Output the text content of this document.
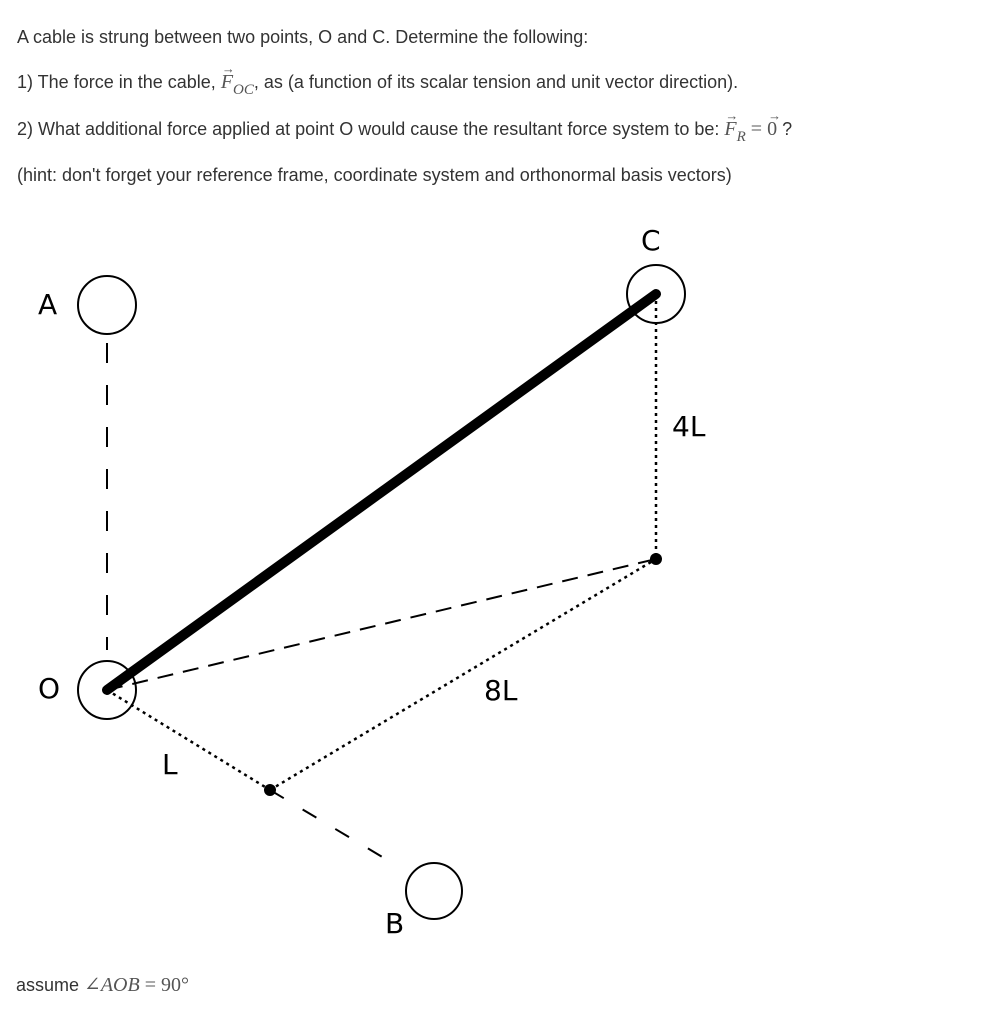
A cable is strung between two points, O and C. Determine the following:
1) The force in the cable, → $F_{OC}$, as (a function of its scalar tension and unit vector direction).
2) What additional force applied at point O would cause the resultant force system to be: → $F_R$ = → 0 ?
(hint: don't forget your reference frame, coordinate system and orthonormal basis vectors)
A
O
C
B
4L
8L
L
assume ∠AOB = 90°
